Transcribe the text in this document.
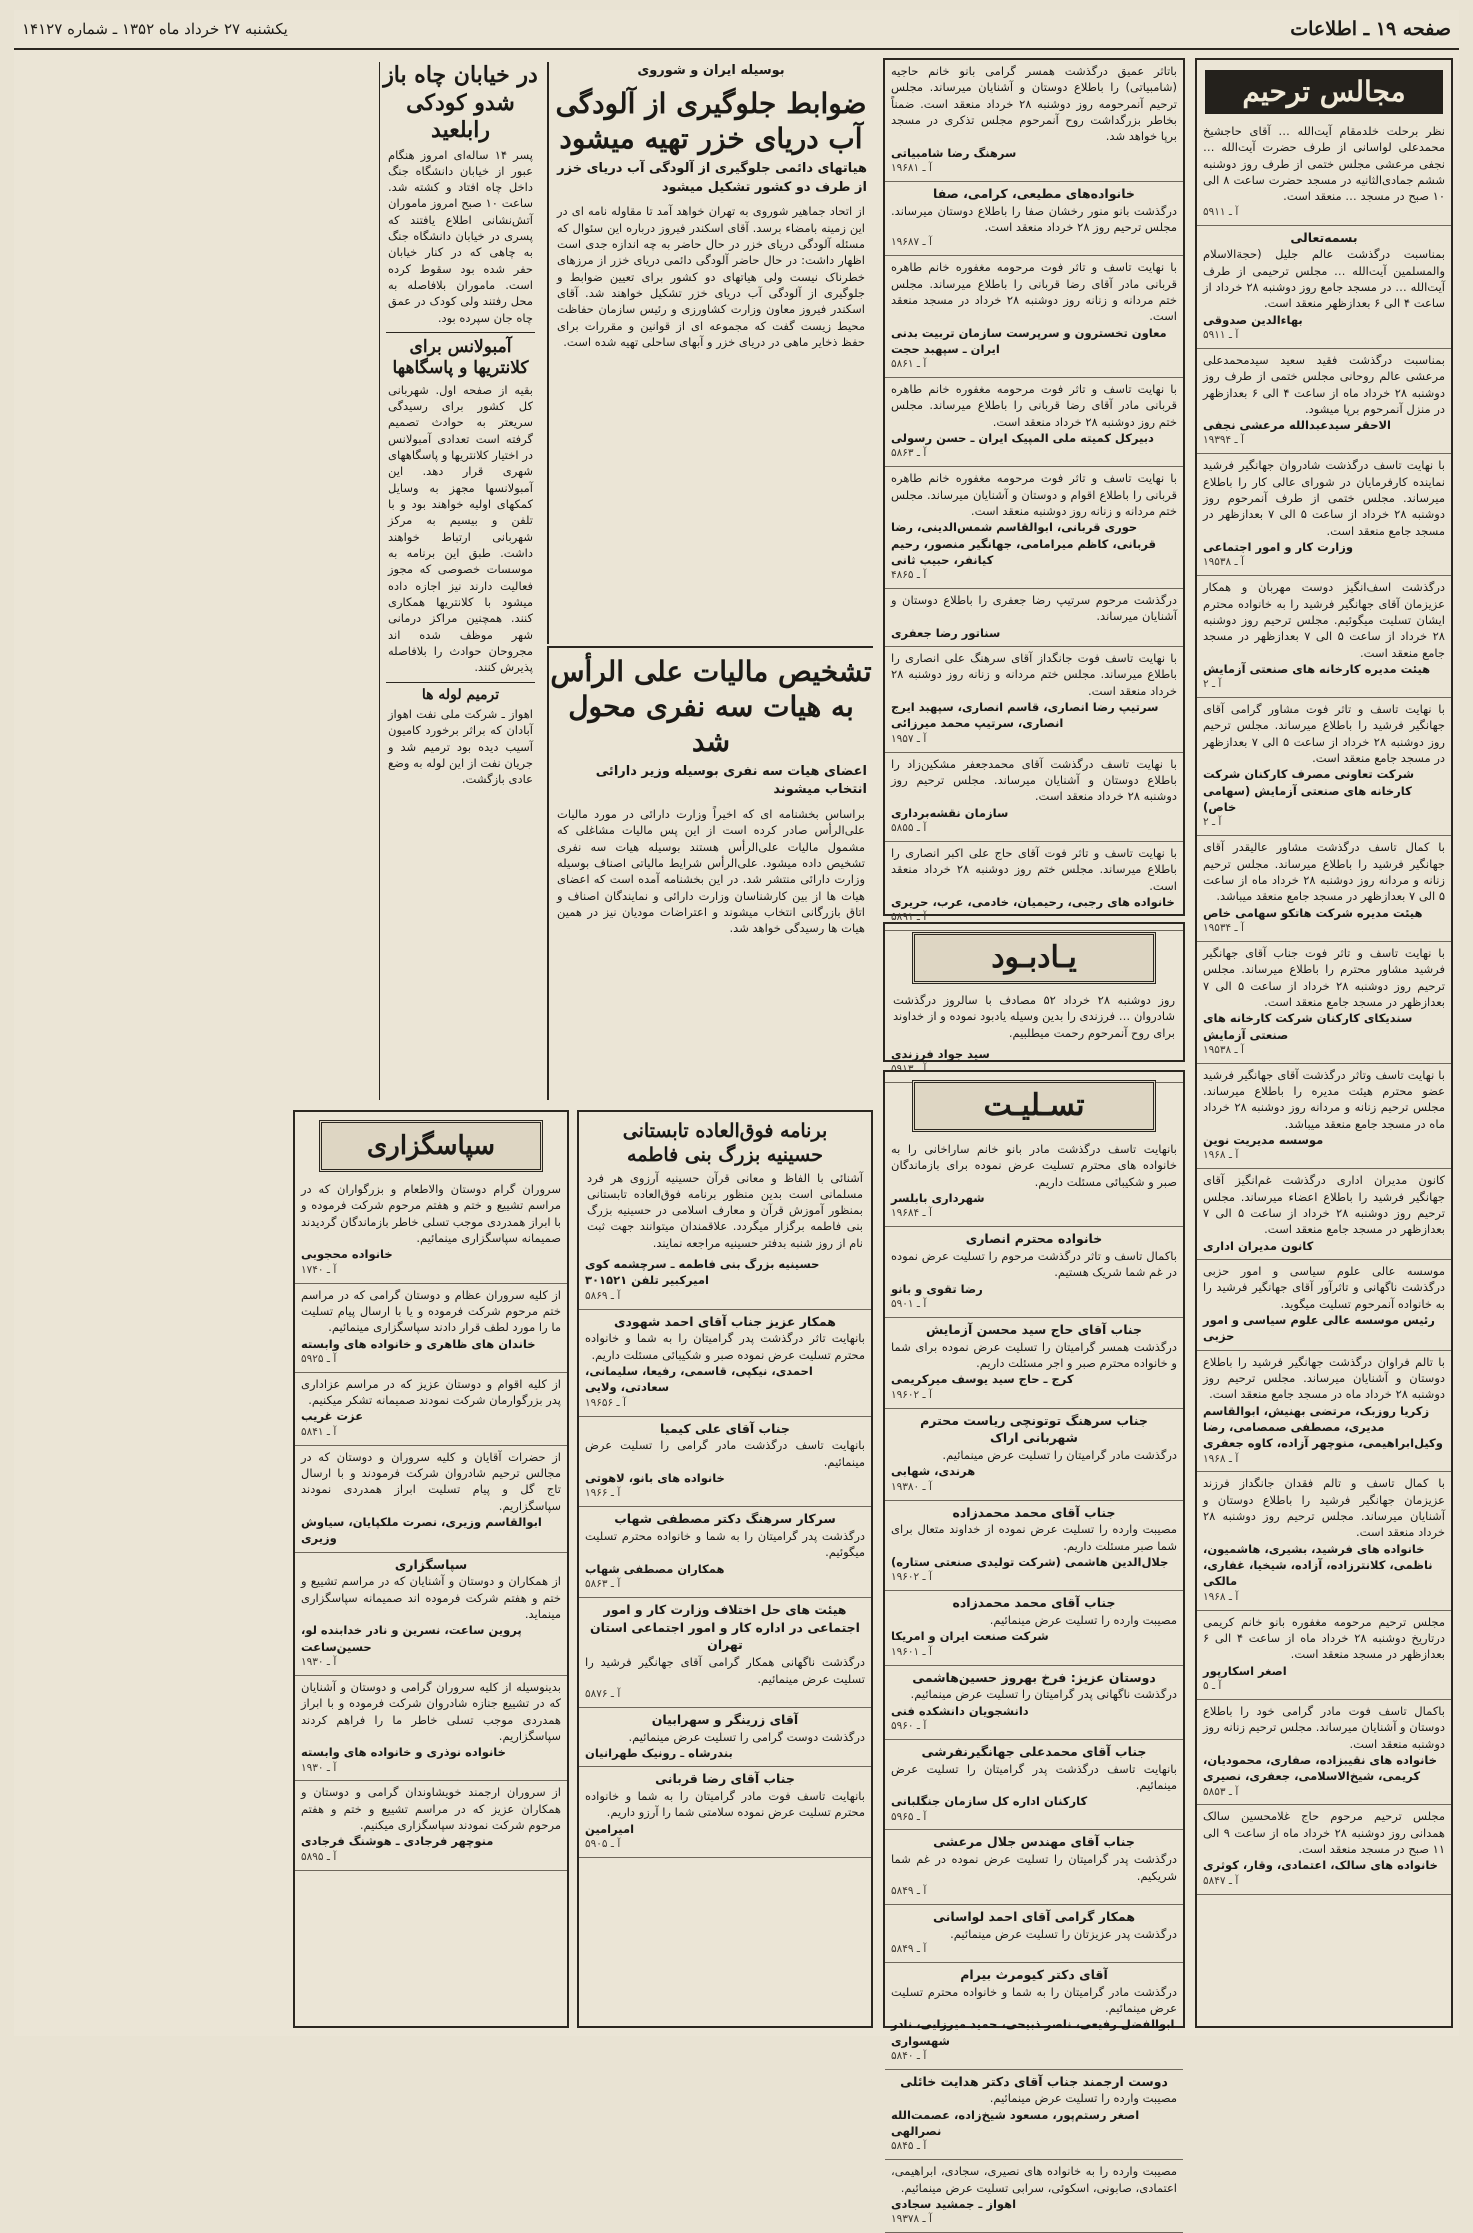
صفحه ۱۹ ـ اطلاعات
یکشنبه ۲۷ خرداد ماه ۱۳۵۲ ـ شماره ۱۴۱۲۷
مجالس ترحیم
نظر برحلت خلدمقام آیت‌الله … آقای حاجشیخ محمدعلی لواسانی از طرف حضرت آیت‌الله … نجفی مرعشی مجلس ختمی از طرف روز دوشنبه ششم جمادی‌الثانیه در مسجد حضرت ساعت ۸ الی ۱۰ صبح در مسجد … منعقد است.
آ ـ ۵۹۱۱
بسمه‌تعالی
بمناسبت درگذشت عالم جلیل (حجةالاسلام والمسلمین آیت‌الله … مجلس ترحیمی از طرف آیت‌الله … در مسجد جامع روز دوشنبه ۲۸ خرداد از ساعت ۴ الی ۶ بعدازظهر منعقد است.
بهاءالدین صدوقی
آ ـ ۵۹۱۱
بمناسبت درگذشت فقید سعید سیدمحمدعلی مرعشی عالم روحانی مجلس ختمی از طرف روز دوشنبه ۲۸ خرداد ماه از ساعت ۴ الی ۶ بعدازظهر در منزل آنمرحوم برپا میشود.
الاحقر سیدعبدالله مرعشی نجفی
آ ـ ۱۹۳۹۴
با نهایت تاسف درگذشت شادروان جهانگیر فرشید نماینده کارفرمایان در شورای عالی کار را باطلاع میرساند. مجلس ختمی از طرف آنمرحوم روز دوشنبه ۲۸ خرداد از ساعت ۵ الی ۷ بعدازظهر در مسجد جامع منعقد است.
وزارت کار و امور اجتماعی
آ ـ ۱۹۵۳۸
درگذشت اسف‌انگیز دوست مهربان و همکار عزیزمان آقای جهانگیر فرشید را به خانواده محترم ایشان تسلیت میگوئیم. مجلس ترحیم روز دوشنبه ۲۸ خرداد از ساعت ۵ الی ۷ بعدازظهر در مسجد جامع منعقد است.
هیئت مدیره کارخانه های صنعتی آزمایش
آ ـ ۲
با نهایت تاسف و تاثر فوت مشاور گرامی آقای جهانگیر فرشید را باطلاع میرساند. مجلس ترحیم روز دوشنبه ۲۸ خرداد از ساعت ۵ الی ۷ بعدازظهر در مسجد جامع منعقد است.
شرکت تعاونی مصرف کارکنان شرکت کارخانه های صنعتی آزمایش (سهامی خاص)
آ ـ ۲
با کمال تاسف درگذشت مشاور عالیقدر آقای جهانگیر فرشید را باطلاع میرساند. مجلس ترحیم زنانه و مردانه روز دوشنبه ۲۸ خرداد ماه از ساعت ۵ الی ۷ بعدازظهر در مسجد جامع منعقد میباشد.
هیئت مدیره شرکت هاتکو سهامی خاص
آ ـ ۱۹۵۳۴
با نهایت تاسف و تاثر فوت جناب آقای جهانگیر فرشید مشاور محترم را باطلاع میرساند. مجلس ترحیم روز دوشنبه ۲۸ خرداد از ساعت ۵ الی ۷ بعدازظهر در مسجد جامع منعقد است.
سندیکای کارکنان شرکت کارخانه های صنعتی آزمایش
آ ـ ۱۹۵۳۸
با نهایت تاسف وتاثر درگذشت آقای جهانگیر فرشید عضو محترم هیئت مدیره را باطلاع میرساند. مجلس ترحیم زنانه و مردانه روز دوشنبه ۲۸ خرداد ماه در مسجد جامع منعقد میباشد.
موسسه مدیریت نوین
آ ـ ۱۹۶۸
کانون مدیران اداری درگذشت غم‌انگیز آقای جهانگیر فرشید را باطلاع اعضاء میرساند. مجلس ترحیم روز دوشنبه ۲۸ خرداد از ساعت ۵ الی ۷ بعدازظهر در مسجد جامع منعقد است.
کانون مدیران اداری
موسسه عالی علوم سیاسی و امور حزبی درگذشت ناگهانی و تاثرآور آقای جهانگیر فرشید را به خانواده آنمرحوم تسلیت میگوید.
رئیس موسسه عالی علوم سیاسی و امور حزبی
با تالم فراوان درگذشت جهانگیر فرشید را باطلاع دوستان و آشنایان میرساند. مجلس ترحیم روز دوشنبه ۲۸ خرداد ماه در مسجد جامع منعقد است.
زکریا روزبک، مرتضی بهنیش، ابوالقاسم مدیری، مصطفی صمصامی، رضا وکیل‌ابراهیمی، منوچهر آزاده، کاوه جعفری
آ ـ ۱۹۶۸
با کمال تاسف و تالم فقدان جانگداز فرزند عزیزمان جهانگیر فرشید را باطلاع دوستان و آشنایان میرساند. مجلس ترحیم روز دوشنبه ۲۸ خرداد منعقد است.
خانواده های فرشید، بشیری، هاشمیون، ناظمی، کلانترزاده، آزاده، شیخیا، غفاری، مالکی
آ ـ ۱۹۶۸
مجلس ترحیم مرحومه مغفوره بانو خانم کریمی درتاریخ دوشنبه ۲۸ خرداد ماه از ساعت ۴ الی ۶ بعدازظهر در مسجد منعقد است.
اصغر اسکارپور
آ ـ ۵
باکمال تاسف فوت مادر گرامی خود را باطلاع دوستان و آشنایان میرساند. مجلس ترحیم زنانه روز دوشنبه منعقد است.
خانواده های نقیبزاده، صفاری، محمودیان، کریمی، شیخ‌الاسلامی، جعفری، نصیری
آ ـ ۵۸۵۳
مجلس ترحیم مرحوم حاج غلامحسین سالک همدانی روز دوشنبه ۲۸ خرداد ماه از ساعت ۹ الی ۱۱ صبح در مسجد منعقد است.
خانواده های سالک، اعتمادی، وقار، کوثری
آ ـ ۵۸۴۷
باتاثر عمیق درگذشت همسر گرامی بانو خانم حاجیه (شامبیاتی) را باطلاع دوستان و آشنایان میرساند. مجلس ترحیم آنمرحومه روز دوشنبه ۲۸ خرداد منعقد است. ضمناً بخاطر بزرگداشت روح آنمرحوم مجلس تذکری در مسجد برپا خواهد شد.
سرهنگ رضا شامبیاتی
آ ـ ۱۹۶۸۱
خانواده‌های مطیعی، کرامی، صفا
درگذشت بانو منور رخشان صفا را باطلاع دوستان میرساند. مجلس ترحیم روز ۲۸ خرداد منعقد است.
آ ـ ۱۹۶۸۷
با نهایت تاسف و تاثر فوت مرحومه مغفوره خانم طاهره قربانی مادر آقای رضا قربانی را باطلاع میرساند. مجلس ختم مردانه و زنانه روز دوشنبه ۲۸ خرداد در مسجد منعقد است.
معاون تخسترون و سرپرست سازمان تربیت بدنی ایران ـ سپهبد حجت
آ ـ ۵۸۶۱
با نهایت تاسف و تاثر فوت مرحومه مغفوره خانم طاهره قربانی مادر آقای رضا قربانی را باطلاع میرساند. مجلس ختم روز دوشنبه ۲۸ خرداد منعقد است.
دبیرکل کمیته ملی المپیک ایران ـ حسن رسولی
آ ـ ۵۸۶۳
با نهایت تاسف و تاثر فوت مرحومه مغفوره خانم طاهره قربانی را باطلاع اقوام و دوستان و آشنایان میرساند. مجلس ختم مردانه و زنانه روز دوشنبه منعقد است.
حوری قربانی، ابوالقاسم شمس‌الدینی، رضا قربانی، کاظم میرامامی، جهانگیر منصور، رحیم کیانفر، حبیب ثانی
آ ـ ۴۸۶۵
درگذشت مرحوم سرتیپ رضا جعفری را باطلاع دوستان و آشنایان میرساند.
سناتور رضا جعفری
با نهایت تاسف فوت جانگداز آقای سرهنگ علی انصاری را باطلاع میرساند. مجلس ختم مردانه و زنانه روز دوشنبه ۲۸ خرداد منعقد است.
سرتیپ رضا انصاری، قاسم انصاری، سپهبد ایرج انصاری، سرتیپ محمد میرزائی
آ ـ ۱۹۵۷
با نهایت تاسف درگذشت آقای محمدجعفر مشکین‌زاد را باطلاع دوستان و آشنایان میرساند. مجلس ترحیم روز دوشنبه ۲۸ خرداد منعقد است.
سازمان نقشه‌برداری
آ ـ ۵۸۵۵
با نهایت تاسف و تاثر فوت آقای حاج علی اکبر انصاری را باطلاع میرساند. مجلس ختم روز دوشنبه ۲۸ خرداد منعقد است.
خانواده های رجبی، رحیمیان، خادمی، عرب، حریری
آ ـ ۵۸۹۱
یـادبـود
روز دوشنبه ۲۸ خرداد ۵۲ مصادف با سالروز درگذشت شادروان … فرزندی را بدین وسیله یادبود نموده و از خداوند برای روح آنمرحوم رحمت میطلبیم.
سید جواد فرزندی
آ ـ ۵۹۱۳
بوسیله ایران و شوروی
ضوابط جلوگیری از آلودگی
آب دریای خزر تهیه میشود
هیاتهای دائمی جلوگیری از آلودگی آب دریای خزر از طرف دو کشور تشکیل میشود
از اتحاد جماهیر شوروی به تهران خواهد آمد تا مقاوله نامه ای در این زمینه بامضاء برسد. آقای اسکندر فیروز درباره این سئوال که مسئله آلودگی دریای خزر در حال حاضر به چه اندازه جدی است اظهار داشت: در حال حاضر آلودگی دائمی دریای خزر از مرزهای خطرناک نیست ولی هیاتهای دو کشور برای تعیین ضوابط و جلوگیری از آلودگی آب دریای خزر تشکیل خواهند شد. آقای اسکندر فیروز معاون وزارت کشاورزی و رئیس سازمان حفاظت محیط زیست گفت که مجموعه ای از قوانین و مقررات برای حفظ ذخایر ماهی در دریای خزر و آبهای ساحلی تهیه شده است.
تشخیص مالیات علی الرأس
به هیات سه نفری محول شد
اعضای هیات سه نفری بوسیله وزیر دارائی انتخاب میشوند
براساس بخشنامه ای که اخیراً وزارت دارائی در مورد مالیات علی‌الرأس صادر کرده است از این پس مالیات مشاغلی که مشمول مالیات علی‌الرأس هستند بوسیله هیات سه نفری تشخیص داده میشود. علی‌الرأس شرایط مالیاتی اصناف بوسیله وزارت دارائی منتشر شد. در این بخشنامه آمده است که اعضای هیات ها از بین کارشناسان وزارت دارائی و نمایندگان اصناف و اتاق بازرگانی انتخاب میشوند و اعتراضات مودیان نیز در همین هیات ها رسیدگی خواهد شد.
در خیابان چاه باز شدو کودکی رابلعید
پسر ۱۴ ساله‌ای امروز هنگام عبور از خیابان دانشگاه جنگ داخل چاه افتاد و کشته شد. ساعت ۱۰ صبح امروز ماموران آتش‌نشانی اطلاع یافتند که پسری در خیابان دانشگاه جنگ به چاهی که در کنار خیابان حفر شده بود سقوط کرده است. ماموران بلافاصله به محل رفتند ولی کودک در عمق چاه جان سپرده بود.
آمبولانس برای کلانتریها و پاسگاهها
بقیه از صفحه اول. شهربانی کل کشور برای رسیدگی سریعتر به حوادث تصمیم گرفته است تعدادی آمبولانس در اختیار کلانتریها و پاسگاههای شهری قرار دهد. این آمبولانسها مجهز به وسایل کمکهای اولیه خواهند بود و با تلفن و بیسیم به مرکز شهربانی ارتباط خواهند داشت. طبق این برنامه به موسسات خصوصی که مجوز فعالیت دارند نیز اجازه داده میشود با کلانتریها همکاری کنند. همچنین مراکز درمانی شهر موظف شده اند مجروحان حوادث را بلافاصله پذیرش کنند.
ترمیم لوله ها
اهواز ـ شرکت ملی نفت اهواز آبادان که براثر برخورد کامیون آسیب دیده بود ترمیم شد و جریان نفت از این لوله به وضع عادی بازگشت.
تسـلیـت
بانهایت تاسف درگذشت مادر بانو خانم ساراخانی را به خانواده های محترم تسلیت عرض نموده برای بازماندگان صبر و شکیبائی مسئلت داریم.
شهرداری بابلسر
آ ـ ۱۹۶۸۴
خانواده محترم انصاری
باکمال تاسف و تاثر درگذشت مرحوم را تسلیت عرض نموده در غم شما شریک هستیم.
رضا تقوی و بانو
آ ـ ۵۹۰۱
جناب آقای حاج سید محسن آزمایش
درگذشت همسر گرامیتان را تسلیت عرض نموده برای شما و خانواده محترم صبر و اجر مسئلت داریم.
کرج ـ حاج سید یوسف میرکریمی
آ ـ ۱۹۶۰۲
جناب سرهنگ توتونچی ریاست محترم شهربانی اراک
درگذشت مادر گرامیتان را تسلیت عرض مینمائیم.
هرندی، شهابی
آ ـ ۱۹۳۸۰
جناب آقای محمد محمدزاده
مصیبت وارده را تسلیت عرض نموده از خداوند متعال برای شما صبر مسئلت داریم.
جلال‌الدین هاشمی (شرکت تولیدی صنعتی ستاره)
آ ـ ۱۹۶۰۲
جناب آقای محمد محمدزاده
مصیبت وارده را تسلیت عرض مینمائیم.
شرکت صنعت ایران و امریکا
آ ـ ۱۹۶۰۱
دوستان عزیز: فرخ بهروز حسین‌هاشمی
درگذشت ناگهانی پدر گرامیتان را تسلیت عرض مینمائیم.
دانشجویان دانشکده فنی
آ ـ ۵۹۶۰
جناب آقای محمدعلی جهانگیرنفرشی
بانهایت تاسف درگذشت پدر گرامیتان را تسلیت عرض مینمائیم.
کارکنان اداره کل سازمان جنگلبانی
آ ـ ۵۹۶۵
جناب آقای مهندس جلال مرعشی
درگذشت پدر گرامیتان را تسلیت عرض نموده در غم شما شریکیم.
آ ـ ۵۸۴۹
همکار گرامی آقای احمد لواسانی
درگذشت پدر عزیزتان را تسلیت عرض مینمائیم.
آ ـ ۵۸۴۹
آقای دکتر کیومرث بیرام
درگذشت مادر گرامیتان را به شما و خانواده محترم تسلیت عرض مینمائیم.
ابوالفضل رفیعی، ناصر ذبیحی، حمید میرزایی، نادر شهسواری
آ ـ ۵۸۴۰
دوست ارجمند جناب آقای دکتر هدایت خائلی
مصیبت وارده را تسلیت عرض مینمائیم.
اصغر رستم‌پور، مسعود شیخ‌زاده، عصمت‌الله نصرالهی
آ ـ ۵۸۴۵
مصیبت وارده را به خانواده های نصیری، سجادی، ابراهیمی، اعتمادی، صابونی، اسکوئی، سرابی تسلیت عرض مینمائیم.
اهواز ـ جمشید سجادی
آ ـ ۱۹۳۷۸
برنامه فوق‌العاده تابستانی
حسینیه بزرگ بنی فاطمه
آشنائی با الفاظ و معانی قرآن حسینیه آرزوی هر فرد مسلمانی است بدین منظور برنامه فوق‌العاده تابستانی بمنظور آموزش قرآن و معارف اسلامی در حسینیه بزرگ بنی فاطمه برگزار میگردد. علاقمندان میتوانند جهت ثبت نام از روز شنبه بدفتر حسینیه مراجعه نمایند.
حسینیه بزرگ بنی فاطمه ـ سرچشمه کوی امیرکبیر تلفن ۳۰۱۵۲۱
آ ـ ۵۸۶۹
همکار عزیز جناب آقای احمد شهودی
بانهایت تاثر درگذشت پدر گرامیتان را به شما و خانواده محترم تسلیت عرض نموده صبر و شکیبائی مسئلت داریم.
احمدی، نیکپی، قاسمی، رفیعا، سلیمانی، سعادتی، ولایی
آ ـ ۱۹۶۵۶
جناب آقای علی کیمیا
بانهایت تاسف درگذشت مادر گرامی را تسلیت عرض مینمائیم.
خانواده های بانو، لاهوتی
آ ـ ۱۹۶۶
سرکار سرهنگ دکتر مصطفی شهاب
درگذشت پدر گرامیتان را به شما و خانواده محترم تسلیت میگوئیم.
همکاران مصطفی شهاب
آ ـ ۵۸۶۳
هیئت های حل اختلاف وزارت کار و امور اجتماعی در اداره کار و امور اجتماعی استان تهران
درگذشت ناگهانی همکار گرامی آقای جهانگیر فرشید را تسلیت عرض مینمائیم.
آ ـ ۵۸۷۶
آقای زرینگر و سهرابیان
درگذشت دوست گرامی را تسلیت عرض مینمائیم.
بندرشاه ـ رونیک طهرانیان
جناب آقای رضا قربانی
بانهایت تاسف فوت مادر گرامیتان را به شما و خانواده محترم تسلیت عرض نموده سلامتی شما را آرزو داریم.
امیرامین
آ ـ ۵۹۰۵
سپاسگزاری
سروران گرام دوستان والاطعام و بزرگواران که در مراسم تشییع و ختم و هفتم مرحوم شرکت فرموده و با ابراز همدردی موجب تسلی خاطر بازماندگان گردیدند صمیمانه سپاسگزاری مینمائیم.
خانواده محجوبی
آ ـ ۱۷۴۰
از کلیه سروران عظام و دوستان گرامی که در مراسم ختم مرحوم شرکت فرموده و یا با ارسال پیام تسلیت ما را مورد لطف قرار دادند سپاسگزاری مینمائیم.
خاندان های ظاهری و خانواده های وابسته
آ ـ ۵۹۲۵
از کلیه اقوام و دوستان عزیز که در مراسم عزاداری پدر بزرگوارمان شرکت نمودند صمیمانه تشکر میکنیم.
عزت غریب
آ ـ ۵۸۴۱
از حضرات آقایان و کلیه سروران و دوستان که در مجالس ترحیم شادروان شرکت فرمودند و با ارسال تاج گل و پیام تسلیت ابراز همدردی نمودند سپاسگزاریم.
ابوالقاسم وزیری، نصرت ملکپایان، سیاوش وزیری
سپاسگزاری
از همکاران و دوستان و آشنایان که در مراسم تشییع و ختم و هفتم شرکت فرموده اند صمیمانه سپاسگزاری مینماید.
پروین ساعت، نسرین و نادر خدابنده لو، حسین‌ساعت
آ ـ ۱۹۳۰
بدینوسیله از کلیه سروران گرامی و دوستان و آشنایان که در تشییع جنازه شادروان شرکت فرموده و با ابراز همدردی موجب تسلی خاطر ما را فراهم کردند سپاسگزاریم.
خانواده نوذری و خانواده های وابسته
آ ـ ۱۹۳۰
از سروران ارجمند خویشاوندان گرامی و دوستان و همکاران عزیز که در مراسم تشییع و ختم و هفتم مرحوم شرکت نمودند سپاسگزاری میکنیم.
منوچهر فرجادی ـ هوشنگ فرجادی
آ ـ ۵۸۹۵
